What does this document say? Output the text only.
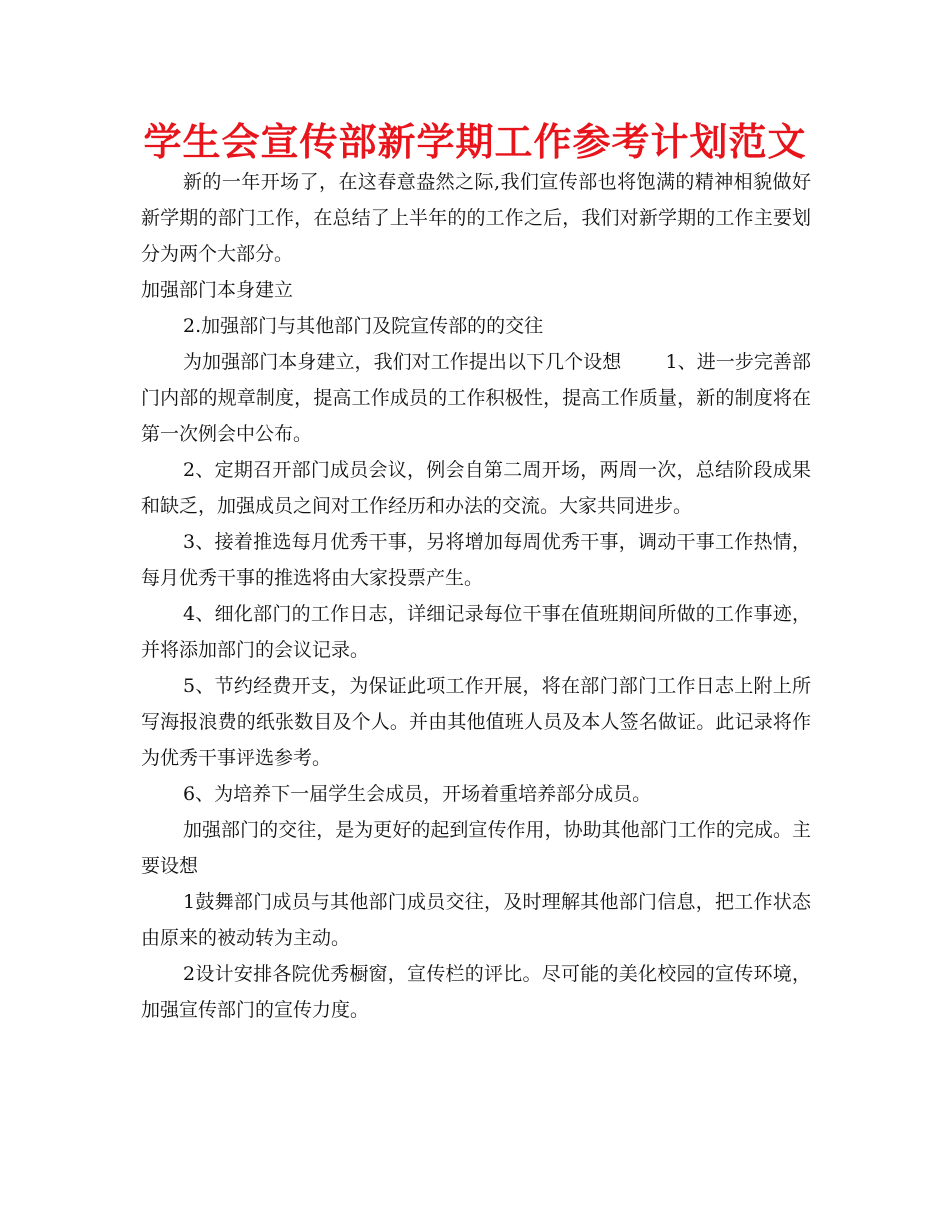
学生会宣传部新学期工作参考计划范文

新的一年开场了，在这春意盎然之际,我们宣传部也将饱满的精神相貌做好新学期的部门工作，在总结了上半年的的工作之后，我们对新学期的工作主要划分为两个大部分。

加强部门本身建立

2.加强部门与其他部门及院宣传部的的交往

为加强部门本身建立，我们对工作提出以下几个设想　　 1、进一步完善部门内部的规章制度，提高工作成员的工作积极性，提高工作质量，新的制度将在第一次例会中公布。

2、定期召开部门成员会议，例会自第二周开场，两周一次，总结阶段成果和缺乏，加强成员之间对工作经历和办法的交流。大家共同进步。

3、接着推选每月优秀干事，另将增加每周优秀干事，调动干事工作热情，每月优秀干事的推选将由大家投票产生。

4、细化部门的工作日志，详细记录每位干事在值班期间所做的工作事迹，并将添加部门的会议记录。

5、节约经费开支，为保证此项工作开展，将在部门部门工作日志上附上所写海报浪费的纸张数目及个人。并由其他值班人员及本人签名做证。此记录将作为优秀干事评选参考。

6、为培养下一届学生会成员，开场着重培养部分成员。

加强部门的交往，是为更好的起到宣传作用，协助其他部门工作的完成。主要设想

1鼓舞部门成员与其他部门成员交往，及时理解其他部门信息，把工作状态由原来的被动转为主动。

2设计安排各院优秀橱窗，宣传栏的评比。尽可能的美化校园的宣传环境，加强宣传部门的宣传力度。
